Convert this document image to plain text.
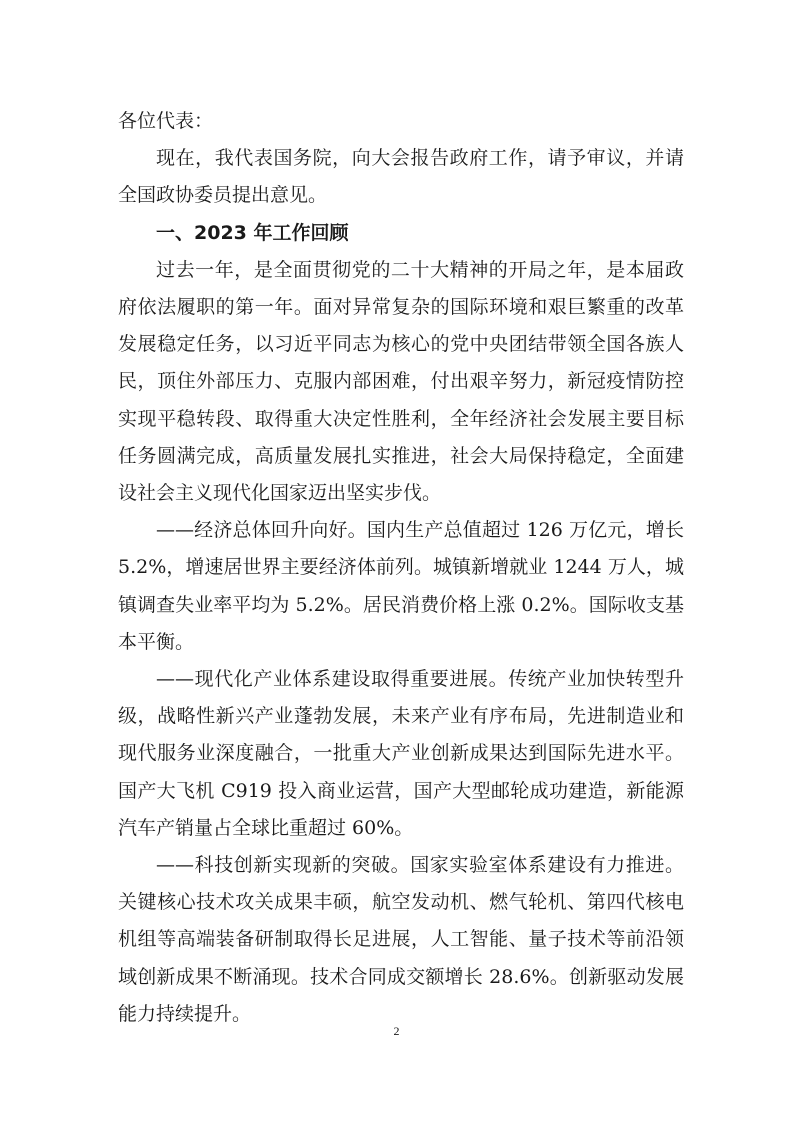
各位代表：

现在，我代表国务院，向大会报告政府工作，请予审议，并请全国政协委员提出意见。

一、2023 年工作回顾

过去一年，是全面贯彻党的二十大精神的开局之年，是本届政府依法履职的第一年。面对异常复杂的国际环境和艰巨繁重的改革发展稳定任务，以习近平同志为核心的党中央团结带领全国各族人民，顶住外部压力、克服内部困难，付出艰辛努力，新冠疫情防控实现平稳转段、取得重大决定性胜利，全年经济社会发展主要目标任务圆满完成，高质量发展扎实推进，社会大局保持稳定，全面建设社会主义现代化国家迈出坚实步伐。

——经济总体回升向好。国内生产总值超过 126 万亿元，增长 5.2%，增速居世界主要经济体前列。城镇新增就业 1244 万人，城镇调查失业率平均为 5.2%。居民消费价格上涨 0.2%。国际收支基本平衡。

——现代化产业体系建设取得重要进展。传统产业加快转型升级，战略性新兴产业蓬勃发展，未来产业有序布局，先进制造业和现代服务业深度融合，一批重大产业创新成果达到国际先进水平。国产大飞机 C919 投入商业运营，国产大型邮轮成功建造，新能源汽车产销量占全球比重超过 60%。

——科技创新实现新的突破。国家实验室体系建设有力推进。关键核心技术攻关成果丰硕，航空发动机、燃气轮机、第四代核电机组等高端装备研制取得长足进展，人工智能、量子技术等前沿领域创新成果不断涌现。技术合同成交额增长 28.6%。创新驱动发展能力持续提升。

2
